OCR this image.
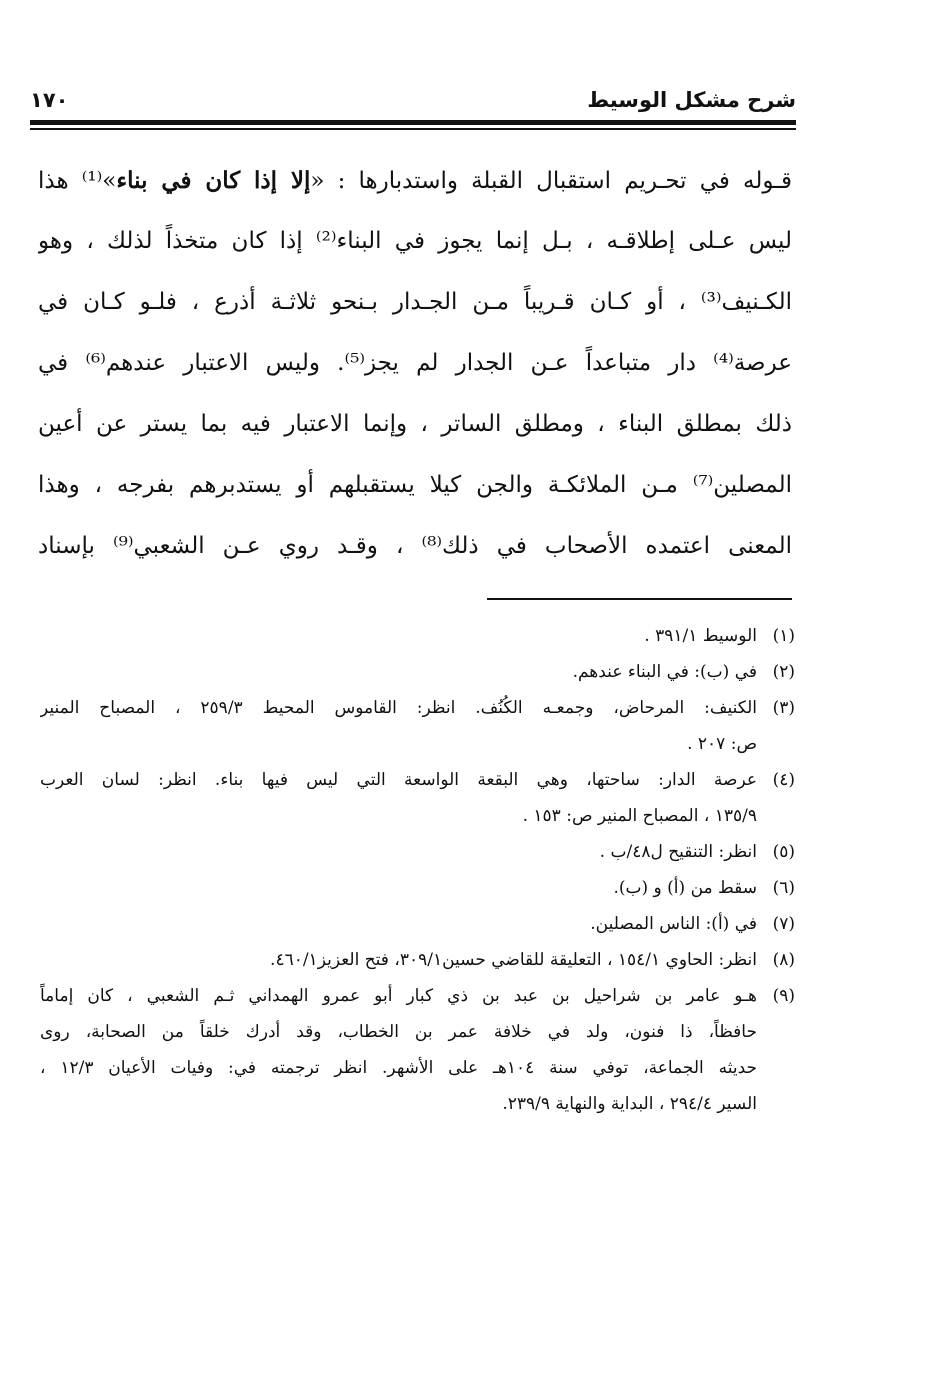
شرح مشكل الوسيط
١٧٠
قـوله في تحـريم استقبال القبلة واستدبارها : «إلا إذا كان في بناء»⁽¹⁾ هذا
ليس عـلى إطلاقـه ، بـل إنما يجوز في البناء⁽²⁾ إذا كان متخذاً لذلك ، وهو
الكـنيف⁽³⁾ ، أو كـان قـريباً مـن الجـدار بـنحو ثلاثـة أذرع ، فلـو كـان في
عرصة⁽⁴⁾ دار متباعداً عـن الجدار لم يجز⁽⁵⁾. وليس الاعتبار عندهم⁽⁶⁾ في
ذلك بمطلق البناء ، ومطلق الساتر ، وإنما الاعتبار فيه بما يستر عن أعين
المصلين⁽⁷⁾ مـن الملائكـة والجن كيلا يستقبلهم أو يستدبرهم بفرجه ، وهذا
المعنى اعتمده الأصحاب في ذلك⁽⁸⁾ ، وقـد روي عـن الشعبي⁽⁹⁾ بإسناد
(١)
الوسيط ٣٩١/١ .
(٢)
في (ب): في البناء عندهم.
(٣)
الكنيف: المرحاض، وجمعـه الكُنُف. انظر: القاموس المحيط ٢٥٩/٣ ، المصباح المنير
ص: ٢٠٧ .
(٤)
عرصة الدار: ساحتها، وهي البقعة الواسعة التي ليس فيها بناء. انظر: لسان العرب
١٣٥/٩ ، المصباح المنير ص: ١٥٣ .
(٥)
انظر: التنقيح ل٤٨/ب .
(٦)
سقط من (أ) و (ب).
(٧)
في (أ): الناس المصلين.
(٨)
انظر: الحاوي ١٥٤/١ ، التعليقة للقاضي حسين٣٠٩/١، فتح العزيز٤٦٠/١.
(٩)
هـو عامر بن شراحيل بن عبد بن ذي كبار أبو عمرو الهمداني ثـم الشعبي ، كان إماماً
حافظاً، ذا فنون، ولد في خلافة عمر بن الخطاب، وقد أدرك خلقاً من الصحابة، روى
حديثه الجماعة، توفي سنة ١٠٤هـ على الأشهر. انظر ترجمته في: وفيات الأعيان ١٢/٣ ،
السير ٢٩٤/٤ ، البداية والنهاية ٢٣٩/٩.
